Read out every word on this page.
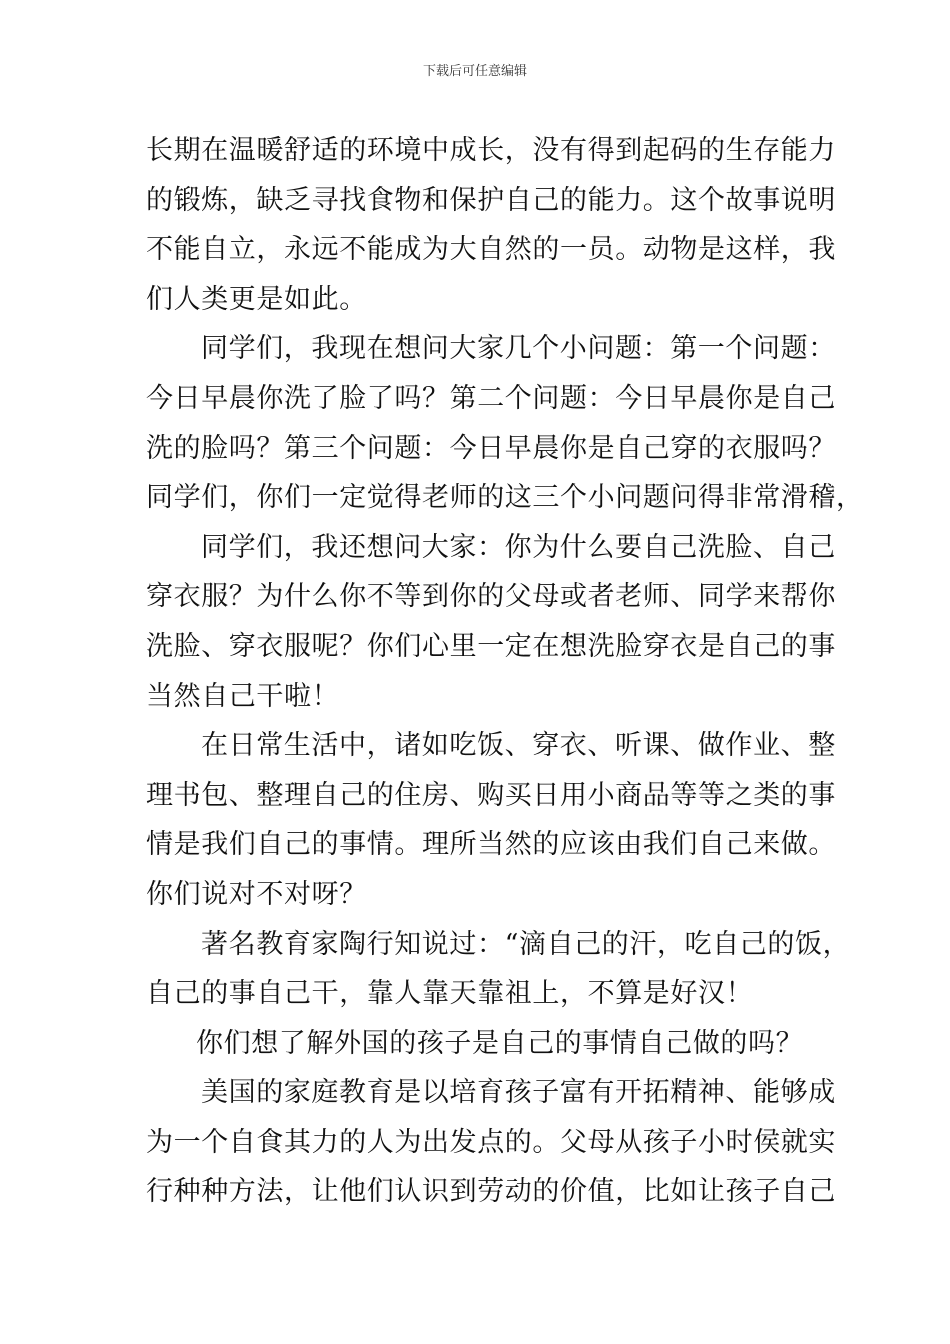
下载后可任意编辑
长期在温暖舒适的环境中成长，没有得到起码的生存能力
的锻炼，缺乏寻找食物和保护自己的能力。这个故事说明
不能自立，永远不能成为大自然的一员。动物是这样，我
们人类更是如此。
同学们，我现在想问大家几个小问题：第一个问题：
今日早晨你洗了脸了吗？第二个问题：今日早晨你是自己
洗的脸吗？第三个问题：今日早晨你是自己穿的衣服吗？
同学们，你们一定觉得老师的这三个小问题问得非常滑稽，
同学们，我还想问大家：你为什么要自己洗脸、自己
穿衣服？为什么你不等到你的父母或者老师、同学来帮你
洗脸、穿衣服呢？你们心里一定在想洗脸穿衣是自己的事
当然自己干啦！
在日常生活中，诸如吃饭、穿衣、听课、做作业、整
理书包、整理自己的住房、购买日用小商品等等之类的事
情是我们自己的事情。理所当然的应该由我们自己来做。
你们说对不对呀？
著名教育家陶行知说过：“滴自己的汗，吃自己的饭，
自己的事自己干，靠人靠天靠祖上，不算是好汉！
你们想了解外国的孩子是自己的事情自己做的吗？
美国的家庭教育是以培育孩子富有开拓精神、能够成
为一个自食其力的人为出发点的。父母从孩子小时侯就实
行种种方法，让他们认识到劳动的价值，比如让孩子自己
